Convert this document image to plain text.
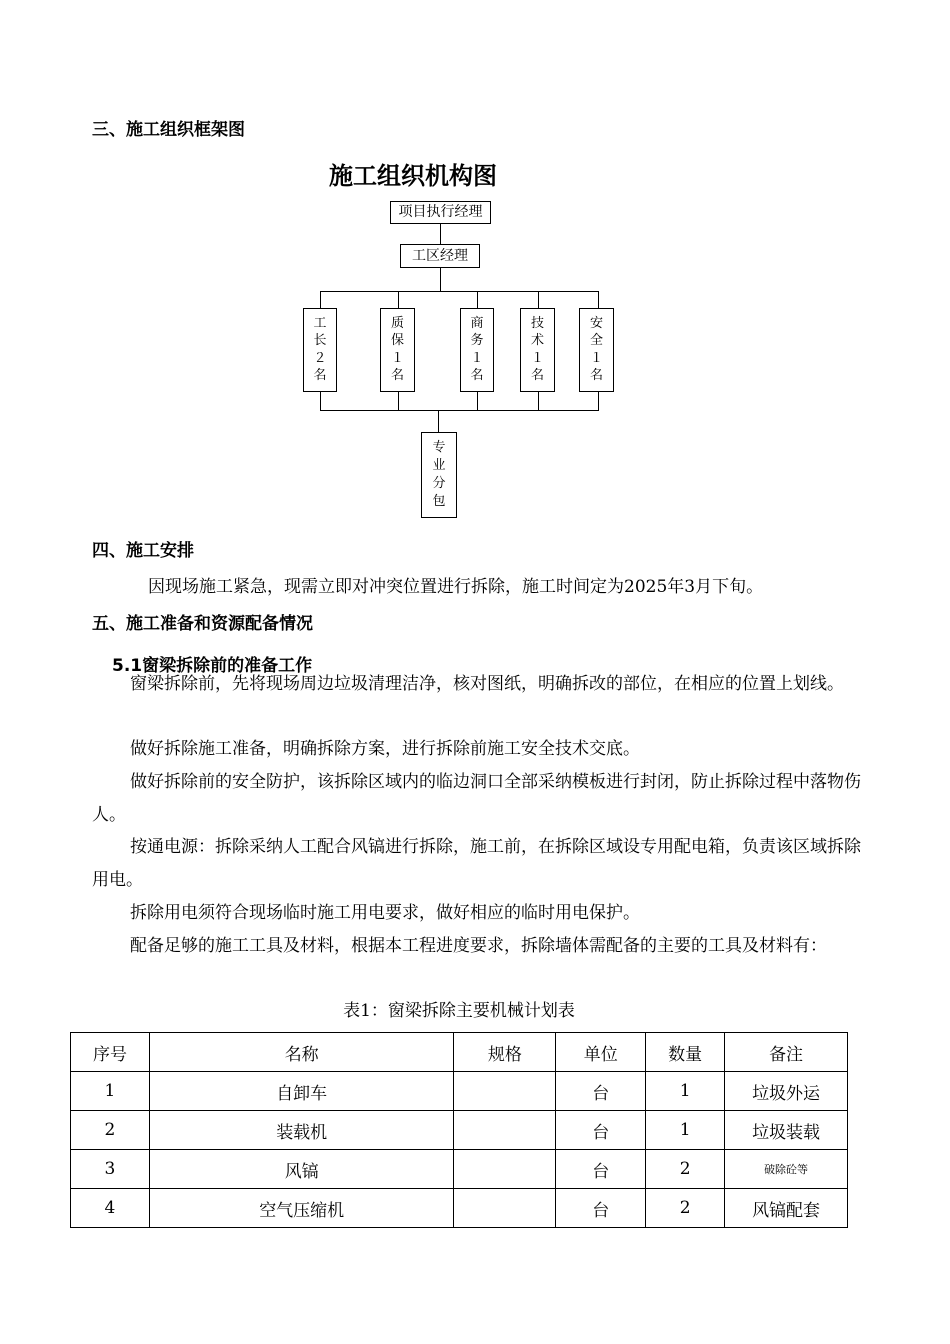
三、施工组织框架图
施工组织机构图
项目执行经理
工区经理
工
长
２
名
质
保
１
名
商
务
１
名
技
术
１
名
安
全
１
名
专
业
分
包
四、施工安排
因现场施工紧急，现需立即对冲突位置进行拆除，施工时间定为2025年3月下旬。
五、施工准备和资源配备情况
5.1窗梁拆除前的准备工作
窗梁拆除前，先将现场周边垃圾清理洁净，核对图纸，明确拆改的部位，在相应的位置上划线。
做好拆除施工准备，明确拆除方案，进行拆除前施工安全技术交底。
做好拆除前的安全防护，该拆除区域内的临边洞口全部采纳模板进行封闭，防止拆除过程中落物伤人。
按通电源：拆除采纳人工配合风镐进行拆除，施工前，在拆除区域设专用配电箱，负责该区域拆除用电。
拆除用电须符合现场临时施工用电要求，做好相应的临时用电保护。
配备足够的施工工具及材料，根据本工程进度要求，拆除墙体需配备的主要的工具及材料有：
表1：窗梁拆除主要机械计划表
序号	名称	规格	单位	数量	备注
1	自卸车		台	1	垃圾外运
2	装载机		台	1	垃圾装载
3	风镐		台	2	破除砼等
4	空气压缩机		台	2	风镐配套
